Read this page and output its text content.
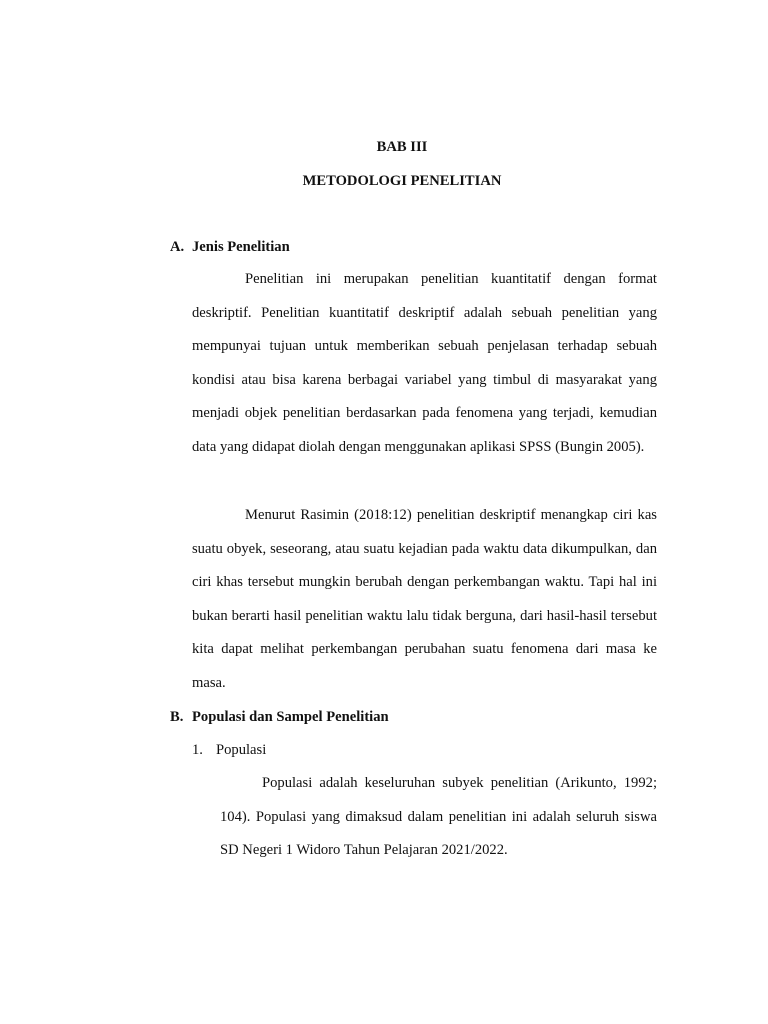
BAB III
METODOLOGI PENELITIAN
A. Jenis Penelitian

Penelitian ini merupakan penelitian kuantitatif dengan format deskriptif. Penelitian kuantitatif deskriptif adalah sebuah penelitian yang mempunyai tujuan untuk memberikan sebuah penjelasan terhadap sebuah kondisi atau bisa karena berbagai variabel yang timbul di masyarakat yang menjadi objek penelitian berdasarkan pada fenomena yang terjadi, kemudian data yang didapat diolah dengan menggunakan aplikasi SPSS (Bungin 2005).

Menurut Rasimin (2018:12) penelitian deskriptif menangkap ciri kas suatu obyek, seseorang, atau suatu kejadian pada waktu data dikumpulkan, dan ciri khas tersebut mungkin berubah dengan perkembangan waktu. Tapi hal ini bukan berarti hasil penelitian waktu lalu tidak berguna, dari hasil-hasil tersebut kita dapat melihat perkembangan perubahan suatu fenomena dari masa ke masa.

B. Populasi dan Sampel Penelitian
1. Populasi

Populasi adalah keseluruhan subyek penelitian (Arikunto, 1992; 104). Populasi yang dimaksud dalam penelitian ini adalah seluruh siswa SD Negeri 1 Widoro Tahun Pelajaran 2021/2022.
